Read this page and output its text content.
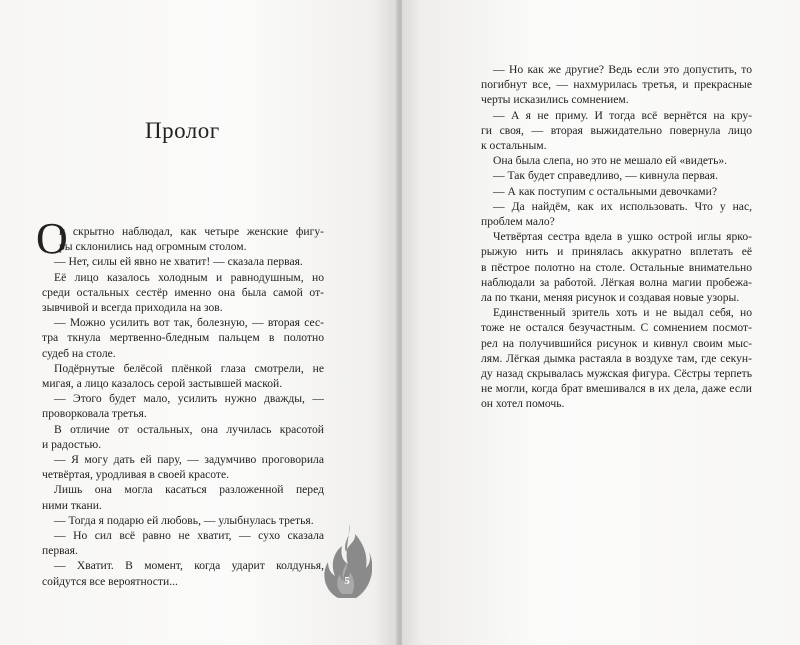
Пролог
О
н скрытно наблюдал, как четыре женские фигу-
ры склонились над огромным столом.
— Нет, силы ей явно не хватит! — сказала первая.
Её лицо казалось холодным и равнодушным, но
среди остальных сестёр именно она была самой от-
зывчивой и всегда приходила на зов.
— Можно усилить вот так, болезную, — вторая сес-
тра ткнула мертвенно-бледным пальцем в полотно
судеб на столе.
Подёрнутые белёсой плёнкой глаза смотрели, не
мигая, а лицо казалось серой застывшей маской.
— Этого будет мало, усилить нужно дважды, —
проворковала третья.
В отличие от остальных, она лучилась красотой
и радостью.
— Я могу дать ей пару, — задумчиво проговорила
четвёртая, уродливая в своей красоте.
Лишь она могла касаться разложенной перед
ними ткани.
— Тогда я подарю ей любовь, — улыбнулась третья.
— Но сил всё равно не хватит, — сухо сказала
первая.
— Хватит. В момент, когда ударит колдунья,
сойдутся все вероятности...	5
— Но как же другие? Ведь если это допустить, то
погибнут все, — нахмурилась третья, и прекрасные
черты исказились сомнением.
— А я не приму. И тогда всё вернётся на кру-
ги своя, — вторая выжидательно повернула лицо
к остальным.
Она была слепа, но это не мешало ей «видеть».
— Так будет справедливо, — кивнула первая.
— А как поступим с остальными девочками?
— Да найдём, как их использовать. Что у нас,
проблем мало?
Четвёртая сестра вдела в ушко острой иглы ярко-
рыжую нить и принялась аккуратно вплетать её
в пёстрое полотно на столе. Остальные внимательно
наблюдали за работой. Лёгкая волна магии пробежа-
ла по ткани, меняя рисунок и создавая новые узоры.
Единственный зритель хоть и не выдал себя, но
тоже не остался безучастным. С сомнением посмот-
рел на получившийся рисунок и кивнул своим мыс-
лям. Лёгкая дымка растаяла в воздухе там, где секун-
ду назад скрывалась мужская фигура. Сёстры терпеть
не могли, когда брат вмешивался в их дела, даже если
он хотел помочь.
